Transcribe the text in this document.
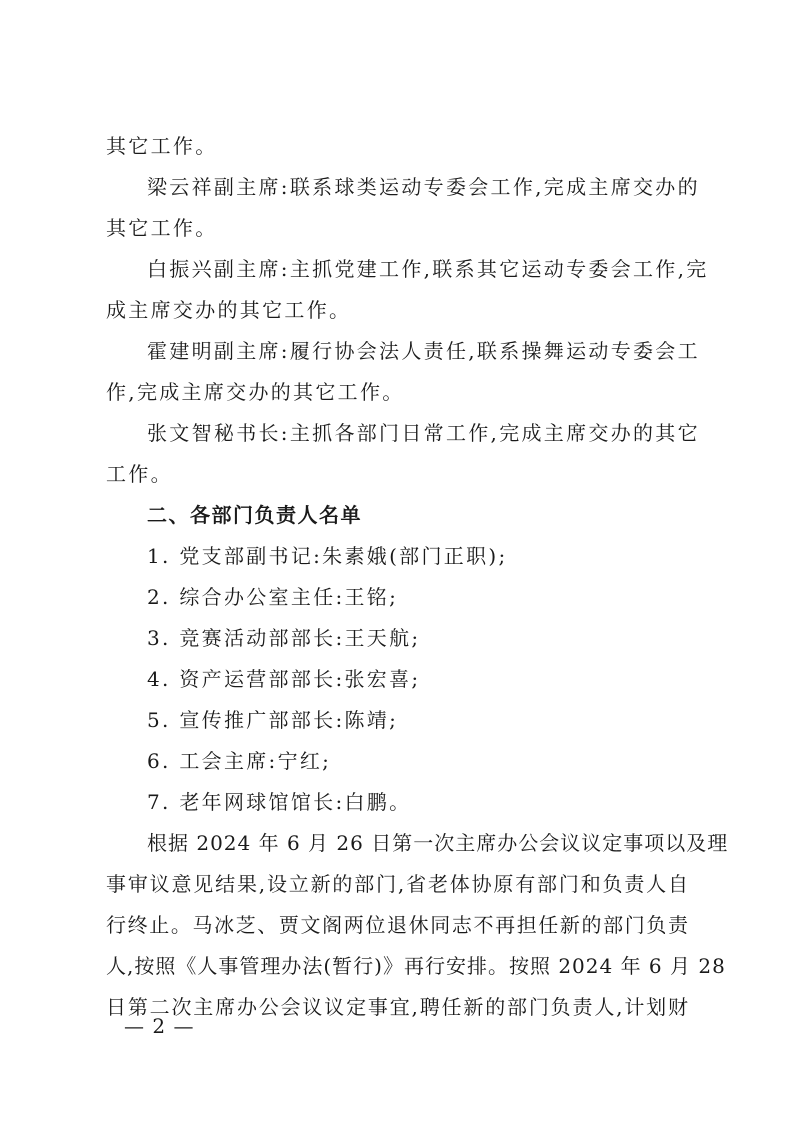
其它工作。
梁云祥副主席:联系球类运动专委会工作,完成主席交办的
其它工作。
白振兴副主席:主抓党建工作,联系其它运动专委会工作,完
成主席交办的其它工作。
霍建明副主席:履行协会法人责任,联系操舞运动专委会工
作,完成主席交办的其它工作。
张文智秘书长:主抓各部门日常工作,完成主席交办的其它
工作。
二、各部门负责人名单
1. 党支部副书记:朱素娥(部门正职);
2. 综合办公室主任:王铭;
3. 竞赛活动部部长:王天航;
4. 资产运营部部长:张宏喜;
5. 宣传推广部部长:陈靖;
6. 工会主席:宁红;
7. 老年网球馆馆长:白鹏。
根据 2024 年 6 月 26 日第一次主席办公会议议定事项以及理
事审议意见结果,设立新的部门,省老体协原有部门和负责人自
行终止。马冰芝、贾文阁两位退休同志不再担任新的部门负责
人,按照《人事管理办法(暂行)》再行安排。按照 2024 年 6 月 28
日第二次主席办公会议议定事宜,聘任新的部门负责人,计划财
— 2 —
